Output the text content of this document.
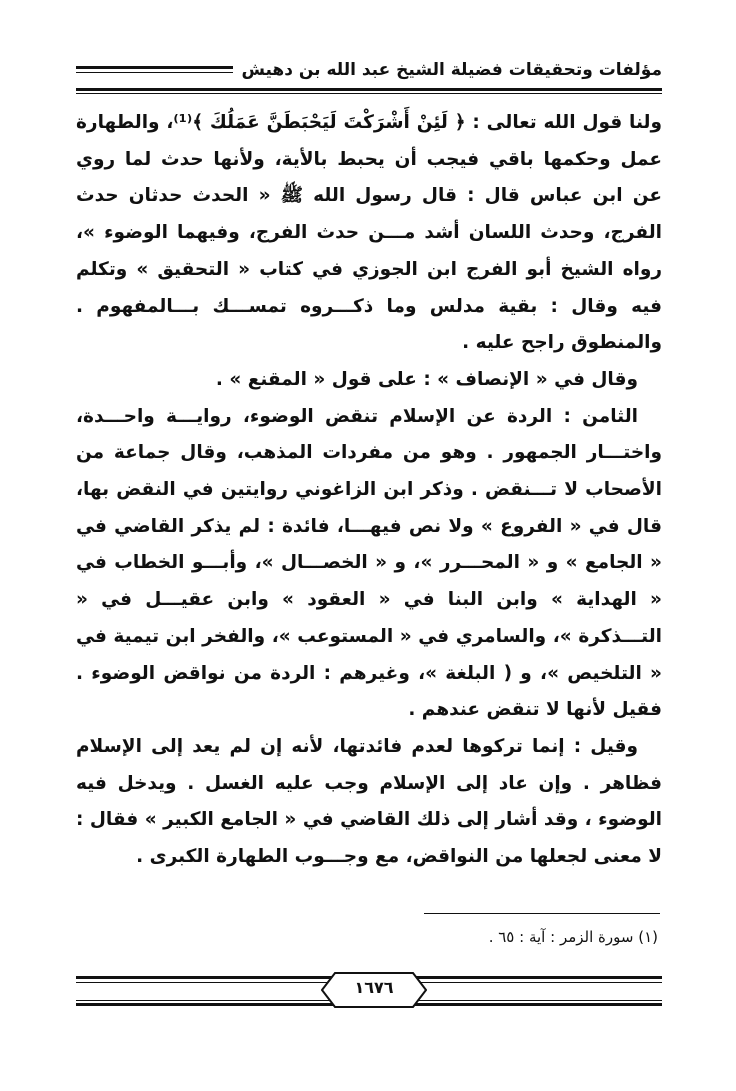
مؤلفات وتحقيقات فضيلة الشيخ عبد الله بن دهيش

ولنا قول الله تعالى : ﴿ لَئِنْ أَشْرَكْتَ لَيَحْبَطَنَّ عَمَلُكَ ﴾⁽¹⁾، والطهارة عمل وحكمها باقي فيجب أن يحبط بالأية، ولأنها حدث لما روي عن ابن عباس قال : قال رسول الله ﷺ « الحدث حدثان حدث الفرج، وحدث اللسان أشد مـــن حدث الفرج، وفيهما الوضوء »، رواه الشيخ أبو الفرج ابن الجوزي في كتاب « التحقيق » وتكلم فيه وقال : بقية مدلس وما ذكـــروه تمســـك بـــالمفهوم . والمنطوق راجح عليه .

وقال في « الإنصاف » : على قول « المقنع » .

الثامن : الردة عن الإسلام تنقض الوضوء، روايـــة واحـــدة، واختـــار الجمهور . وهو من مفردات المذهب، وقال جماعة من الأصحاب لا تـــنقض . وذكر ابن الزاغوني روايتين في النقض بها، قال في « الفروع » ولا نص فيهـــا، فائدة : لم يذكر القاضي في « الجامع » و « المحـــرر »، و « الخصـــال »، وأبـــو الخطاب في « الهداية » وابن البنا في « العقود » وابن عقيـــل في « التـــذكرة »، والسامري في « المستوعب »، والفخر ابن تيمية في « التلخيص »، و ( البلغة »، وغيرهم : الردة من نواقض الوضوء . فقيل لأنها لا تنقض عندهم .

وقيل : إنما تركوها لعدم فائدتها، لأنه إن لم يعد إلى الإسلام فظاهر . وإن عاد إلى الإسلام وجب عليه الغسل . ويدخل فيه الوضوء ، وقد أشار إلى ذلك القاضي في « الجامع الكبير » فقال : لا معنى لجعلها من النواقض، مع وجـــوب الطهارة الكبرى .

(١) سورة الزمر : آية : ٦٥ .
١٦٧٦
